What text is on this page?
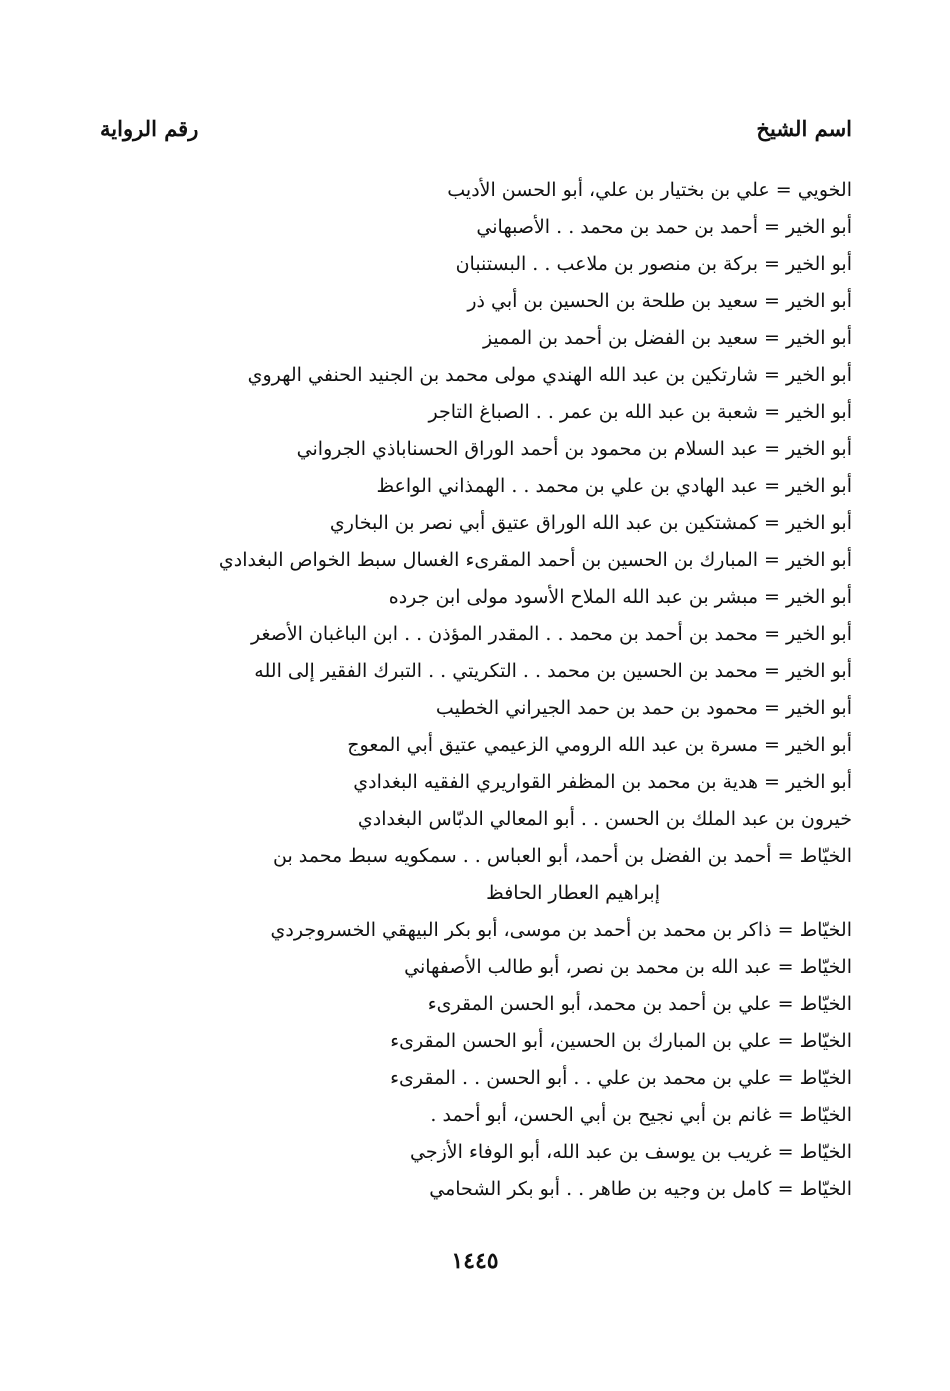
اسم الشيخ
رقم الرواية
الخويي = علي بن بختيار بن علي، أبو الحسن الأديب
أبو الخير = أحمد بن حمد بن محمد . . الأصبهاني
أبو الخير = بركة بن منصور بن ملاعب . . البستنبان
أبو الخير = سعيد بن طلحة بن الحسين بن أبي ذر
أبو الخير = سعيد بن الفضل بن أحمد بن المميز
أبو الخير = شارتكين بن عبد الله الهندي مولى محمد بن الجنيد الحنفي الهروي
أبو الخير = شعبة بن عبد الله بن عمر . . الصباغ التاجر
أبو الخير = عبد السلام بن محمود بن أحمد الوراق الحسناباذي الجرواني
أبو الخير = عبد الهادي بن علي بن محمد . . الهمذاني الواعظ
أبو الخير = كمشتكين بن عبد الله الوراق عتيق أبي نصر بن البخاري
أبو الخير = المبارك بن الحسين بن أحمد المقرىء الغسال سبط الخواص البغدادي
أبو الخير = مبشر بن عبد الله الملاح الأسود مولى ابن جرده
أبو الخير = محمد بن أحمد بن محمد . . المقدر المؤذن . . ابن الباغبان الأصغر
أبو الخير = محمد بن الحسين بن محمد . . التكريتي . . التبرك الفقير إلى الله
أبو الخير = محمود بن حمد بن حمد الجيراني الخطيب
أبو الخير = مسرة بن عبد الله الرومي الزعيمي عتيق أبي المعوج
أبو الخير = هدية بن محمد بن المظفر القواريري الفقيه البغدادي
خيرون بن عبد الملك بن الحسن . . أبو المعالي الدبّاس البغدادي
الخيّاط = أحمد بن الفضل بن أحمد، أبو العباس . . سمكويه سبط محمد بن
إبراهيم العطار الحافظ
الخيّاط = ذاكر بن محمد بن أحمد بن موسى، أبو بكر البيهقي الخسروجردي
الخيّاط = عبد الله بن محمد بن نصر، أبو طالب الأصفهاني
الخيّاط = علي بن أحمد بن محمد، أبو الحسن المقرىء
الخيّاط = علي بن المبارك بن الحسين، أبو الحسن المقرىء
الخيّاط = علي بن محمد بن علي . . أبو الحسن . . المقرىء
الخيّاط = غانم بن أبي نجيح بن أبي الحسن، أبو أحمد .
الخيّاط = غريب بن يوسف بن عبد الله، أبو الوفاء الأزجي
الخيّاط = كامل بن وجيه بن طاهر . . أبو بكر الشحامي
١٤٤٥
